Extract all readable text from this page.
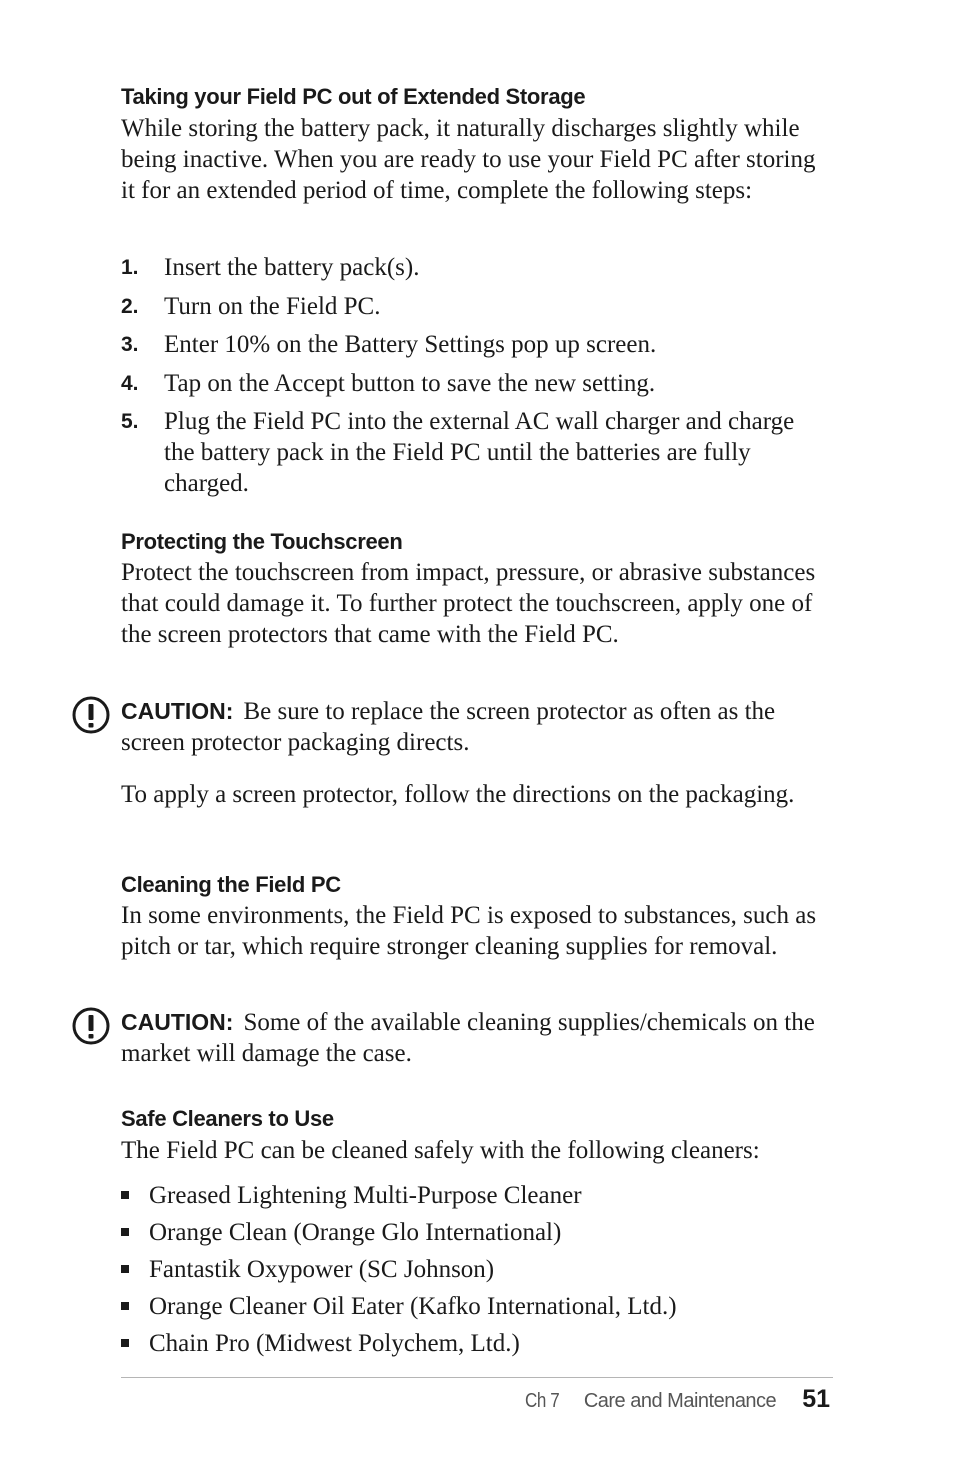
Taking your Field PC out of Extended Storage

While storing the battery pack, it naturally discharges slightly while being inactive. When you are ready to use your Field PC after storing it for an extended period of time, complete the following steps:

1.	Insert the battery pack(s).
2.	Turn on the Field PC.
3.	Enter 10% on the Battery Settings pop up screen.
4.	Tap on the Accept button to save the new setting.
5.	Plug the Field PC into the external AC wall charger and charge the battery pack in the Field PC until the batteries are fully charged.
Protecting the Touchscreen

Protect the touchscreen from impact, pressure, or abrasive substances that could damage it. To further protect the touchscreen, apply one of the screen protectors that came with the Field PC.

CAUTION: Be sure to replace the screen protector as often as the screen protector packaging directs.

To apply a screen protector, follow the directions on the packaging.

Cleaning the Field PC

In some environments, the Field PC is exposed to substances, such as pitch or tar, which require stronger cleaning supplies for removal.

CAUTION: Some of the available cleaning supplies/chemicals on the market will damage the case.

Safe Cleaners to Use

The Field PC can be cleaned safely with the following cleaners:

Greased Lightening Multi-Purpose Cleaner
Orange Clean (Orange Glo International)
Fantastik Oxypower (SC Johnson)
Orange Cleaner Oil Eater (Kafko International, Ltd.)
Chain Pro (Midwest Polychem, Ltd.)
Ch 7 Care and Maintenance 51
